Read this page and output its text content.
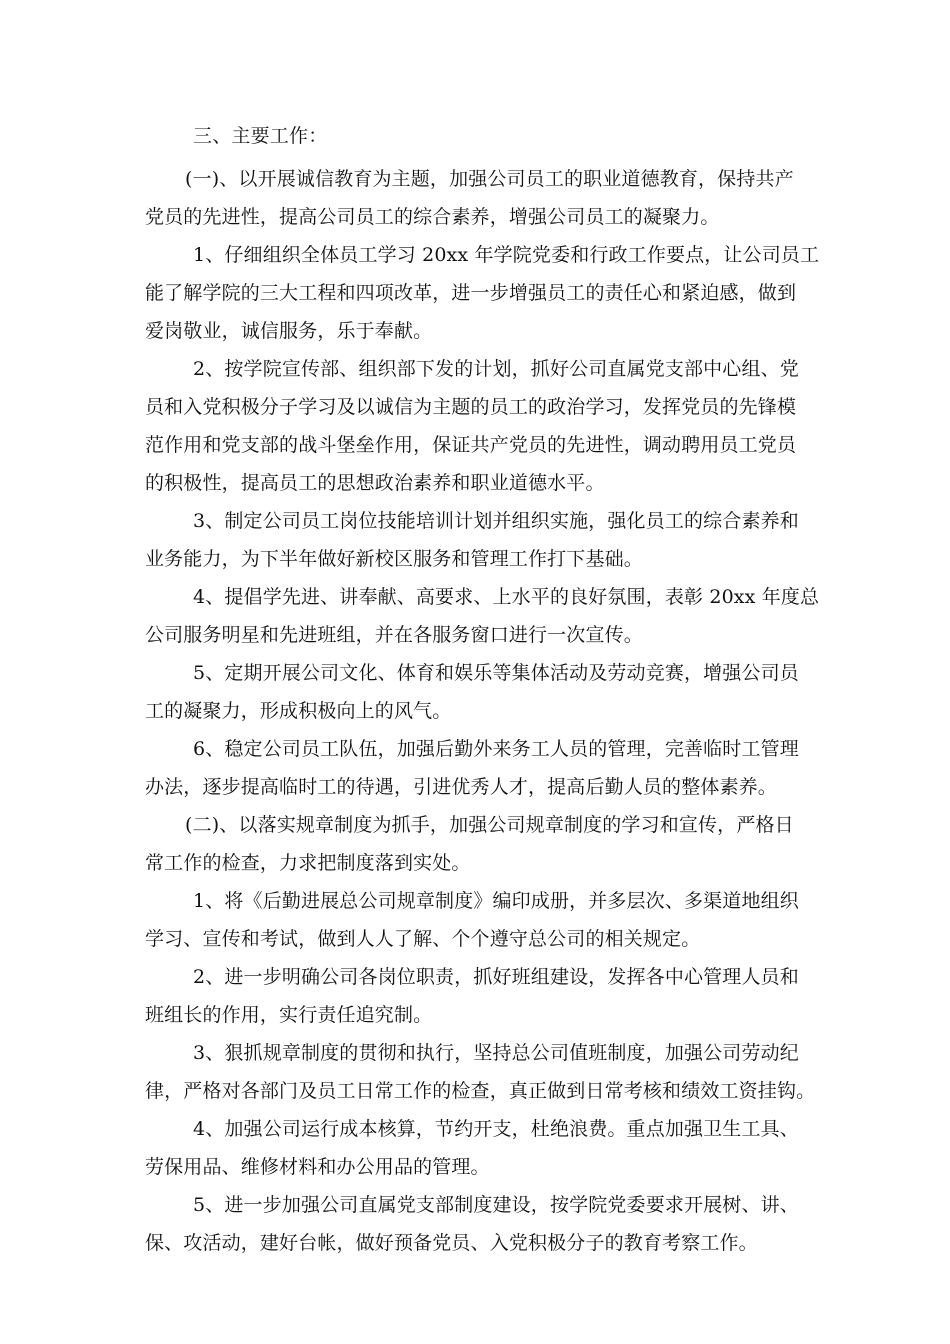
三、主要工作：
(一)、以开展诚信教育为主题，加强公司员工的职业道德教育，保持共产
党员的先进性，提高公司员工的综合素养，增强公司员工的凝聚力。
1、仔细组织全体员工学习 20xx 年学院党委和行政工作要点，让公司员工
能了解学院的三大工程和四项改革，进一步增强员工的责任心和紧迫感，做到
爱岗敬业，诚信服务，乐于奉献。
2、按学院宣传部、组织部下发的计划，抓好公司直属党支部中心组、党
员和入党积极分子学习及以诚信为主题的员工的政治学习，发挥党员的先锋模
范作用和党支部的战斗堡垒作用，保证共产党员的先进性，调动聘用员工党员
的积极性，提高员工的思想政治素养和职业道德水平。
3、制定公司员工岗位技能培训计划并组织实施，强化员工的综合素养和
业务能力，为下半年做好新校区服务和管理工作打下基础。
4、提倡学先进、讲奉献、高要求、上水平的良好氛围，表彰 20xx 年度总
公司服务明星和先进班组，并在各服务窗口进行一次宣传。
5、定期开展公司文化、体育和娱乐等集体活动及劳动竞赛，增强公司员
工的凝聚力，形成积极向上的风气。
6、稳定公司员工队伍，加强后勤外来务工人员的管理，完善临时工管理
办法，逐步提高临时工的待遇，引进优秀人才，提高后勤人员的整体素养。
(二)、以落实规章制度为抓手，加强公司规章制度的学习和宣传，严格日
常工作的检查，力求把制度落到实处。
1、将《后勤进展总公司规章制度》编印成册，并多层次、多渠道地组织
学习、宣传和考试，做到人人了解、个个遵守总公司的相关规定。
2、进一步明确公司各岗位职责，抓好班组建设，发挥各中心管理人员和
班组长的作用，实行责任追究制。
3、狠抓规章制度的贯彻和执行，坚持总公司值班制度，加强公司劳动纪
律，严格对各部门及员工日常工作的检查，真正做到日常考核和绩效工资挂钩。
4、加强公司运行成本核算，节约开支，杜绝浪费。重点加强卫生工具、
劳保用品、维修材料和办公用品的管理。
5、进一步加强公司直属党支部制度建设，按学院党委要求开展树、讲、
保、攻活动，建好台帐，做好预备党员、入党积极分子的教育考察工作。
